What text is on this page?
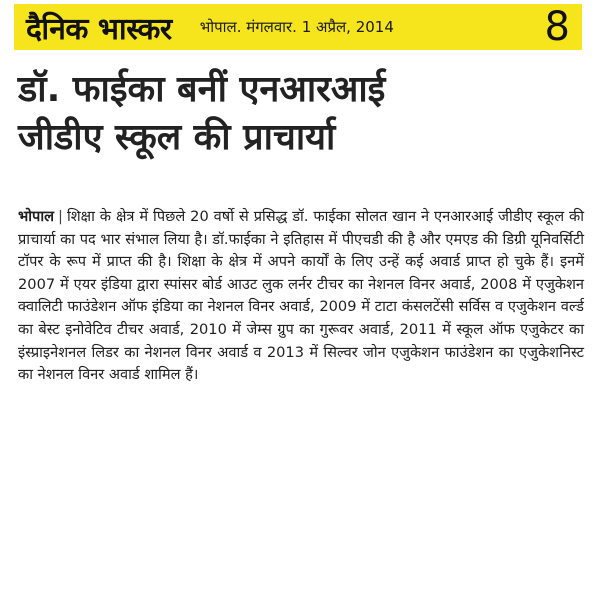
दैनिक भास्कर भोपाल. मंगलवार. 1 अप्रैल, 2014	8
डॉ. फाईका बनीं एनआरआई
जीडीए स्कूल की प्राचार्या
भोपाल | शिक्षा के क्षेत्र में पिछले 20 वर्षो से प्रसिद्ध डॉ. फाईका सोलत खान ने एनआरआई जीडीए स्कूल की प्राचार्या का पद भार संभाल लिया है। डॉ.फाईका ने इतिहास में पीएचडी की है और एमएड की डिग्री यूनिवर्सिटी टॉपर के रूप में प्राप्त की है। शिक्षा के क्षेत्र में अपने कार्यों के लिए उन्हें कई अवार्ड प्राप्त हो चुके हैं। इनमें 2007 में एयर इंडिया द्वारा स्पांसर बोर्ड आउट लुक लर्नर टीचर का नेशनल विनर अवार्ड, 2008 में एजुकेशन क्वालिटी फाउंडेशन ऑफ इंडिया का नेशनल विनर अवार्ड, 2009 में टाटा कंसलटेंसी सर्विस व एजुकेशन वर्ल्ड का बेस्ट इनोवेटिव टीचर अवार्ड, 2010 में जेम्स ग्रुप का गुरूवर अवार्ड, 2011 में स्कूल ऑफ एजुकेटर का इंस्प्राइनेशनल लिडर का नेशनल विनर अवार्ड व 2013 में सिल्वर जोन एजुकेशन फाउंडेशन का एजुकेशनिस्ट का नेशनल विनर अवार्ड शामिल हैं।
